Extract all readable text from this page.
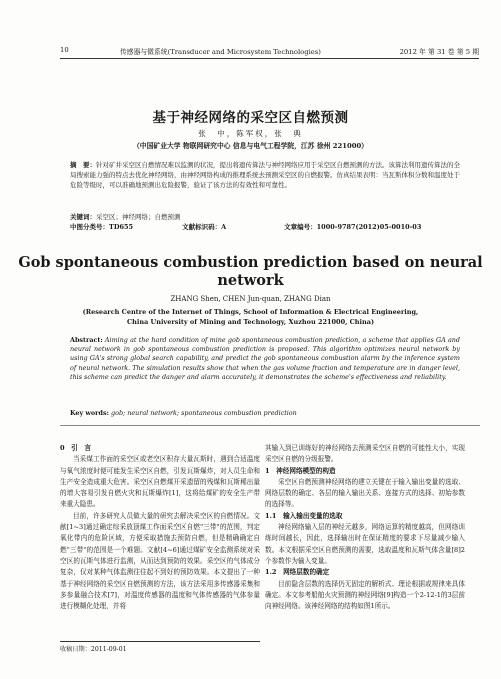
10	传感器与微系统(Transducer and Microsystem Technologies)	2012 年 第 31 卷 第 5 期
基于神经网络的采空区自燃预测
张　中，陈军权，张　典
（中国矿业大学 物联网研究中心 信息与电气工程学院，江苏 徐州 221000）
摘　要：针对矿井采空区自燃情况难以监测的状况，提出将遗传算法与神经网络应用于采空区自燃预测的方法。该算法利用遗传算法的全局搜索能力强的特点去优化神经网络，由神经网络构成的推理系统去预测采空区的自燃报警。仿真结果表明：当瓦斯体积分数和温度处于危险等级时，可以准确地预测出危险报警，验证了该方法的有效性和可靠性。
关键词：采空区；神经网络；自燃预测
中图分类号：TD655	文献标识码：A	文章编号：1000-9787(2012)05-0010-03
Gob spontaneous combustion prediction based on neural network
ZHANG Shen, CHEN Jun-quan, ZHANG Dian
(Research Centre of the Internet of Things, School of Information & Electrical Engineering,
China University of Mining and Technology, Xuzhou 221000, China)
Abstract: Aiming at the hard condition of mine gob spontaneous combustion prediction, a scheme that applies GA and neural network in gob spontaneous combustion prediction is proposed. This algorithm optimizes neural network by using GA's strong global search capability, and predict the gob spontaneous combustion alarm by the inference system of neural network. The simulation results show that when the gas volume fraction and temperature are in danger level, this scheme can predict the danger and alarm accurately, it demonstrates the scheme's effectiveness and reliability.
Key words: gob; neural network; spontaneous combustion prediction

0　引　言

当采煤工作面的采空区或老空区积存大量瓦斯时，遇到合适温度与氧气浓度时便可能发生采空区自燃，引发瓦斯爆炸，对人员生命和生产安全造成重大危害。采空区自燃煤开采遗留的残煤和瓦斯稀出量的增大容易引发自燃火灾和瓦斯爆炸[1]，这将给煤矿的安全生产带来重大隐患。

目前，许多研究人员做大量的研究去解决采空区的自燃情况。文献[1~3]通过确定综采放顶煤工作面采空区自燃"三带"的范围，判定氧化带内的危险区域，方便采取措施去预防自燃，但是精确确定自燃"三带"的范围是一个难题。文献[4~6]通过煤矿安全监测系统对采空区的瓦斯气体进行监测，从而达到预防的效果。采空区的气体成分复杂，仅对某种气体监测往往起不到好的预防效果。本文提出了一种基于神经网络的采空区自燃预测的方法，该方法采用多传感器采集和多参量融合技术[7]，对温度传感器的温度和气体传感器的气体参量进行模糊化处理，并将

收稿日期：2011-09-01

其输入到已训练好的神经网络去预测采空区自燃的可能性大小，实现采空区自燃的分级报警。

1　神经网络模型的构造

采空区自燃预测神经网络的建立关键在于输入输出变量的选取、网络层数的确定、各层的输入输出关系、连接方式的选择、初始参数的选择等。

1.1　输入输出变量的选取

神经网络输入层的神经元越多，网络运算的精度越高，但网络训练时间越长，因此，选择输出时在保证精度的要求下尽量减少输入数。本文根据采空区自燃预测的需要，选取温度和瓦斯气体含量[8]2个参数作为输入变量。

1.2　网络层数的确定

目前隐含层数的选择仍无固定的解析式、理论根据或规律来具体确定。本文参考船舶火灾预测的神经网络[9]构造一个2-12-1的3层前向神经网络。该神经网络的结构如图1所示。
